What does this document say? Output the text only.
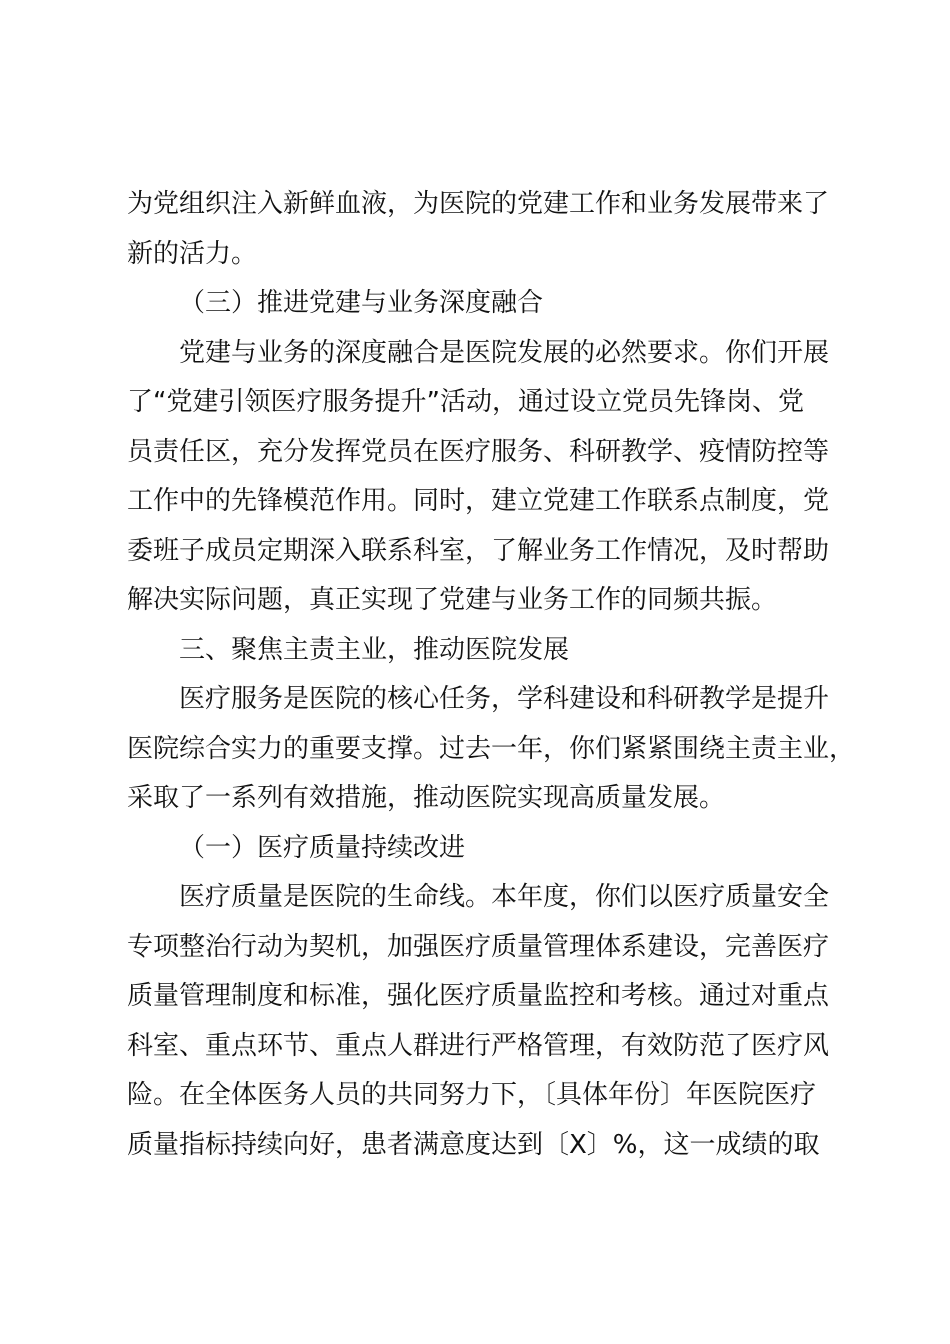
为党组织注入新鲜血液，为医院的党建工作和业务发展带来了
新的活力。
（三）推进党建与业务深度融合
党建与业务的深度融合是医院发展的必然要求。你们开展
了“党建引领医疗服务提升”活动，通过设立党员先锋岗、党
员责任区，充分发挥党员在医疗服务、科研教学、疫情防控等
工作中的先锋模范作用。同时，建立党建工作联系点制度，党
委班子成员定期深入联系科室，了解业务工作情况，及时帮助
解决实际问题，真正实现了党建与业务工作的同频共振。
三、聚焦主责主业，推动医院发展
医疗服务是医院的核心任务，学科建设和科研教学是提升
医院综合实力的重要支撑。过去一年，你们紧紧围绕主责主业，
采取了一系列有效措施，推动医院实现高质量发展。
（一）医疗质量持续改进
医疗质量是医院的生命线。本年度，你们以医疗质量安全
专项整治行动为契机，加强医疗质量管理体系建设，完善医疗
质量管理制度和标准，强化医疗质量监控和考核。通过对重点
科室、重点环节、重点人群进行严格管理，有效防范了医疗风
险。在全体医务人员的共同努力下，〔具体年份〕年医院医疗
质量指标持续向好，患者满意度达到〔X〕%，这一成绩的取
